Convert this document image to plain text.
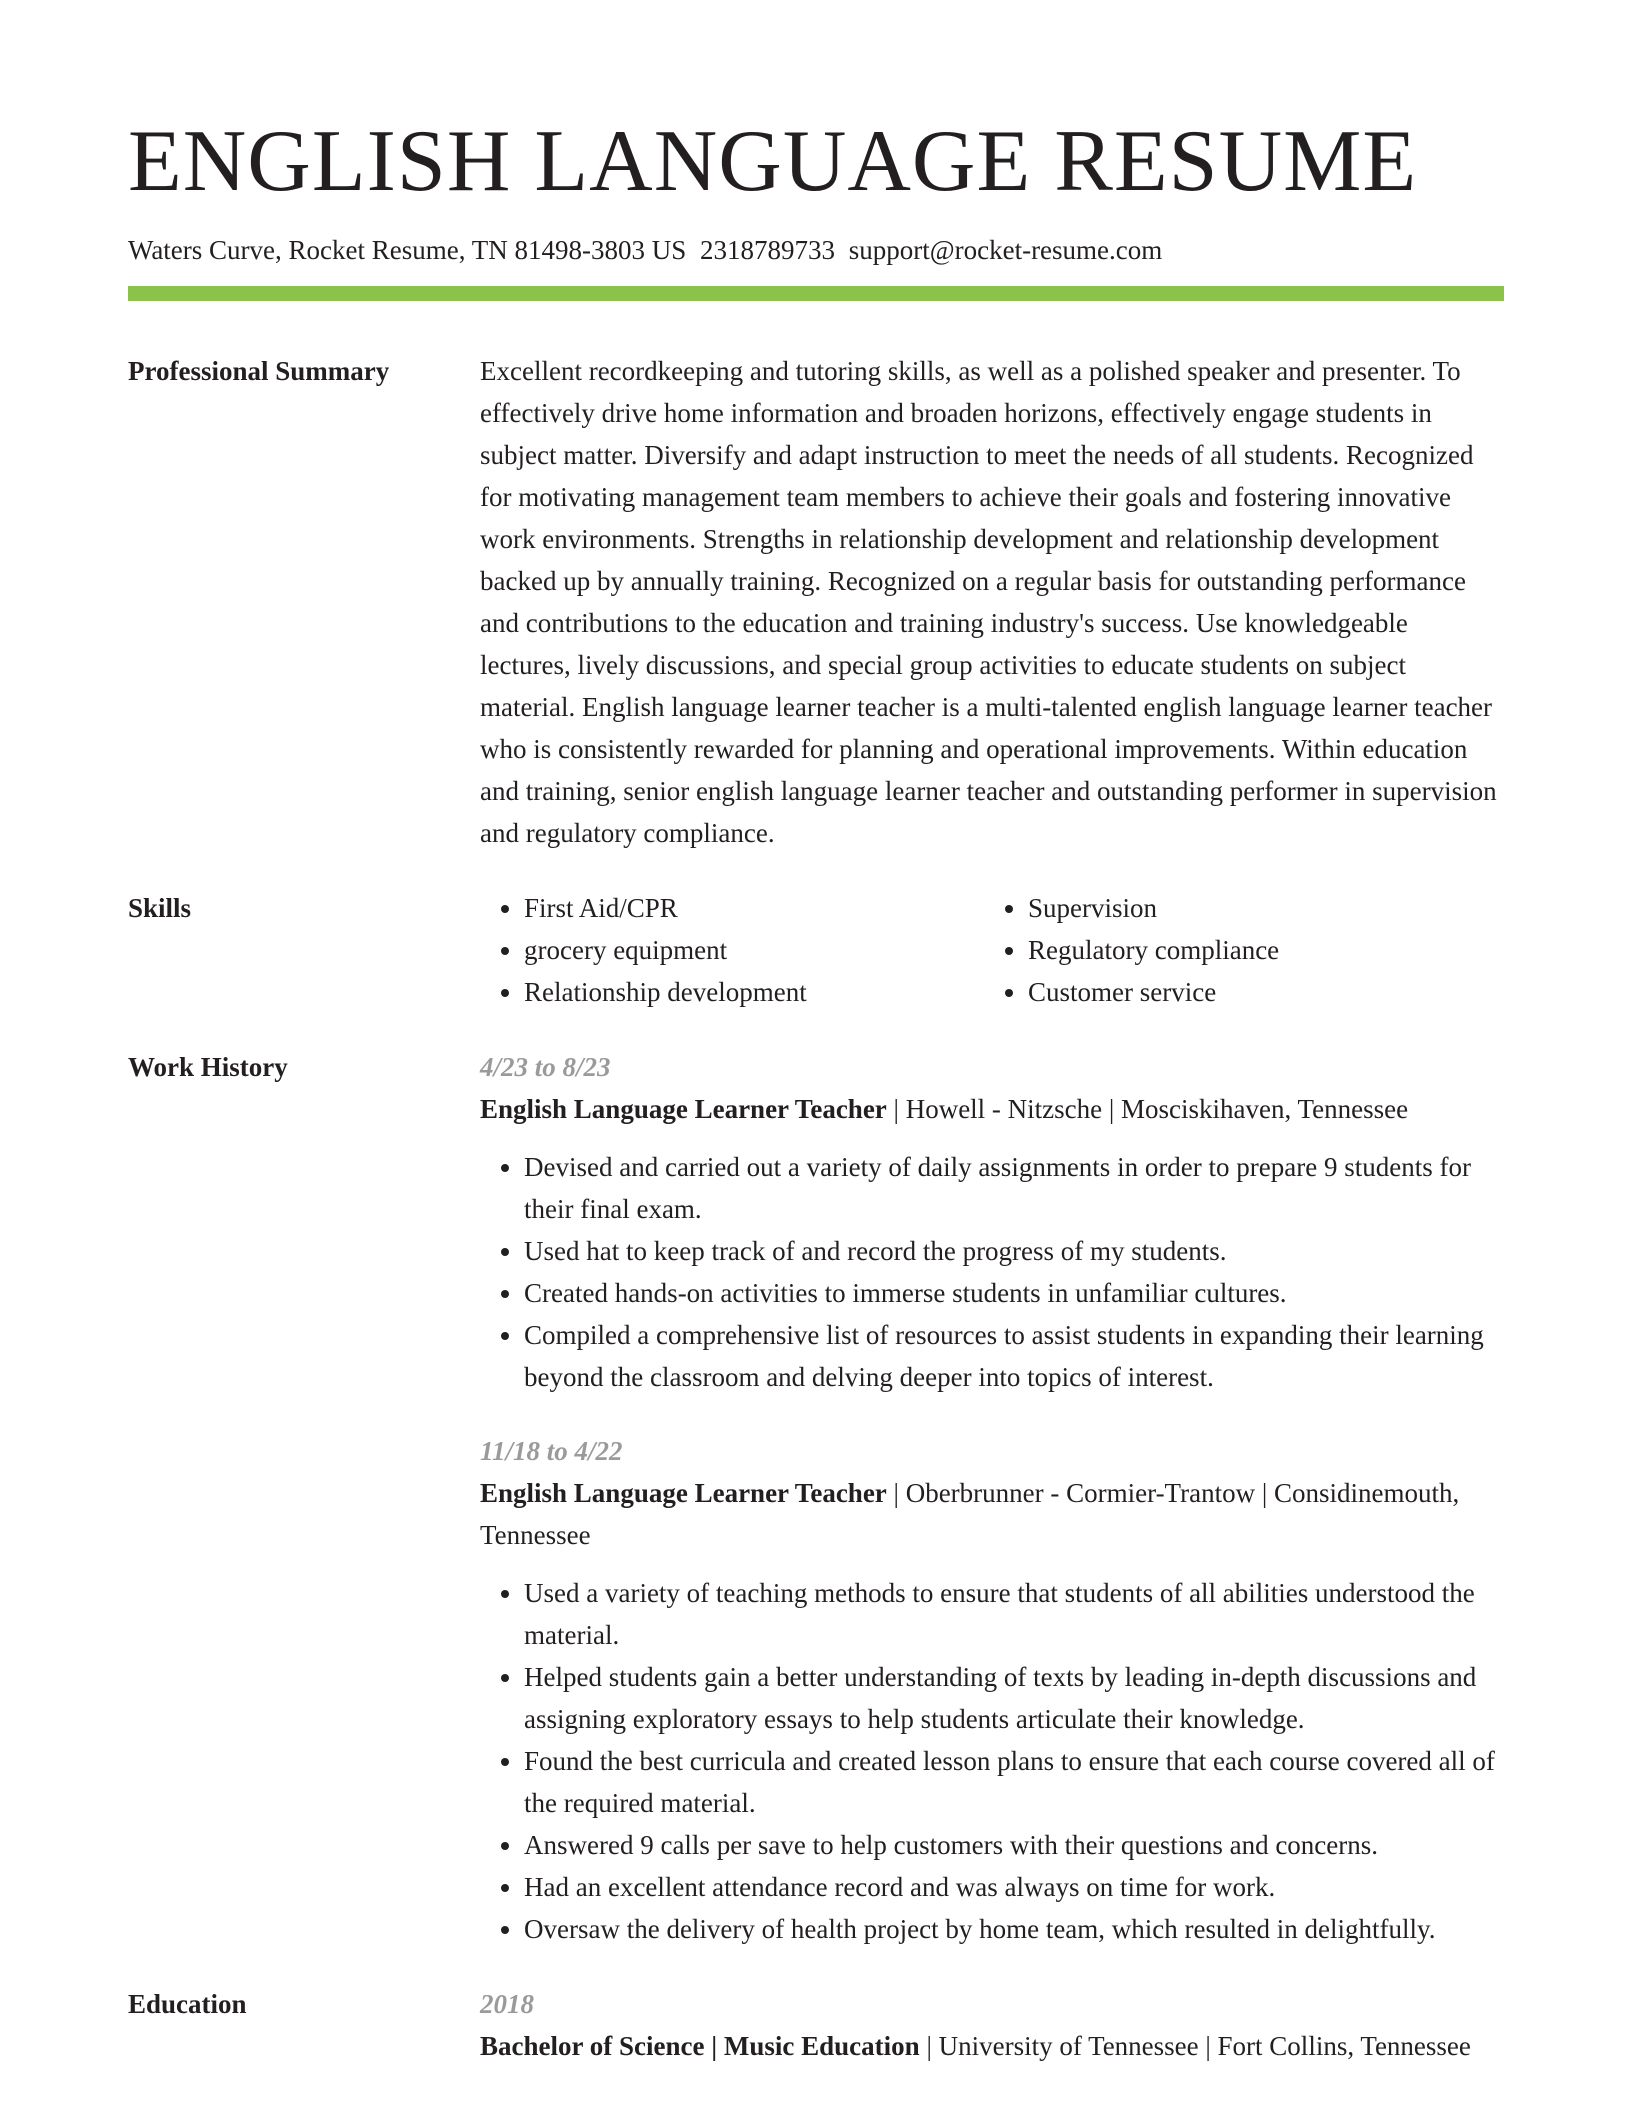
ENGLISH LANGUAGE RESUME
Waters Curve, Rocket Resume, TN 81498-3803 US 2318789733 support@rocket-resume.com
Professional Summary	Excellent recordkeeping and tutoring skills, as well as a polished speaker and presenter. To effectively drive home information and broaden horizons, effectively engage students in subject matter. Diversify and adapt instruction to meet the needs of all students. Recognized for motivating management team members to achieve their goals and fostering innovative work environments. Strengths in relationship development and relationship development backed up by annually training. Recognized on a regular basis for outstanding performance and contributions to the education and training industry's success. Use knowledgeable lectures, lively discussions, and special group activities to educate students on subject material. English language learner teacher is a multi-talented english language learner teacher who is consistently rewarded for planning and operational improvements. Within education and training, senior english language learner teacher and outstanding performer in supervision and regulatory compliance.

Skills
•	First Aid/CPR
• grocery equipment
• Relationship development
• Supervision
• Regulatory compliance
• Customer service
Work History	4/23 to 8/23

English Language Learner Teacher | Howell - Nitzsche | Mosciskihaven, Tennessee

• Devised and carried out a variety of daily assignments in order to prepare 9 students for their final exam.
• Used hat to keep track of and record the progress of my students.
• Created hands-on activities to immerse students in unfamiliar cultures.
• Compiled a comprehensive list of resources to assist students in expanding their learning beyond the classroom and delving deeper into topics of interest.

11/18 to 4/22

English Language Learner Teacher | Oberbrunner - Cormier-Trantow | Considinemouth, Tennessee

• Used a variety of teaching methods to ensure that students of all abilities understood the material.
• Helped students gain a better understanding of texts by leading in-depth discussions and assigning exploratory essays to help students articulate their knowledge.
• Found the best curricula and created lesson plans to ensure that each course covered all of the required material.
• Answered 9 calls per save to help customers with their questions and concerns.
• Had an excellent attendance record and was always on time for work.
• Oversaw the delivery of health project by home team, which resulted in delightfully.
Education	2018

Bachelor of Science | Music Education | University of Tennessee | Fort Collins, Tennessee
